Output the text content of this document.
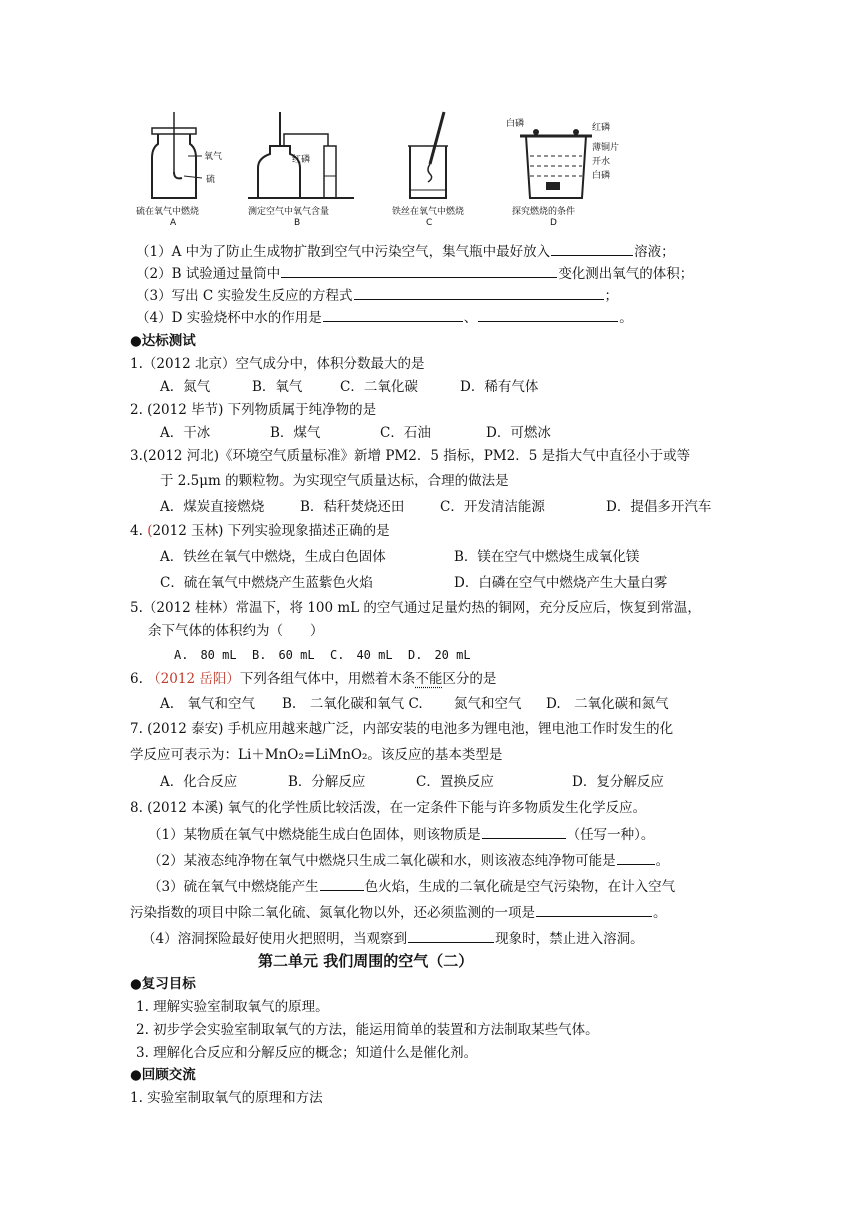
氧气
硫
硫在氧气中燃烧
A
红磷
测定空气中氧气含量
B
铁丝在氧气中燃烧
C
白磷	红磷
薄铜片
开水
白磷
探究燃烧的条件
D
（1）A 中为了防止生成物扩散到空气中污染空气，集气瓶中最好放入	溶液；
（2）B 试验通过量筒中	变化测出氧气的体积；
（3）写出 C 实验发生反应的方程式	；
（4）D 实验烧杯中水的作用是	、	。
●达标测试
1.（2012 北京）空气成分中，体积分数最大的是
A．氮气	B．氧气	C．二氧化碳	D．稀有气体
2. (2012 毕节) 下列物质属于纯净物的是
A．干冰	B．煤气	C．石油	D．可燃冰
3.(2012 河北)《环境空气质量标准》新增 PM2．5 指标，PM2．5 是指大气中直径小于或等
于 2.5μm 的颗粒物。为实现空气质量达标，合理的做法是
A．煤炭直接燃烧	B．秸秆焚烧还田	C．开发清洁能源	D．提倡多开汽车
4. (2012 玉林) 下列实验现象描述正确的是
A．铁丝在氧气中燃烧，生成白色固体	B．镁在空气中燃烧生成氧化镁
C．硫在氧气中燃烧产生蓝紫色火焰	D．白磷在空气中燃烧产生大量白雾
5.（2012 桂林）常温下，将 100 mL 的空气通过足量灼热的铜网，充分反应后，恢复到常温，
余下气体的体积约为（　　）
A.　80 mL B.　60 mL C.　40 mL D.　20 mL
6. （2012 岳阳）下列各组气体中，用燃着木条不能区分的是
A.　氧气和空气 B.　二氧化碳和氧气 C. 氮气和空气 D.　二氧化碳和氮气
7. (2012 泰安) 手机应用越来越广泛，内部安装的电池多为锂电池，锂电池工作时发生的化
学反应可表示为：Li＋MnO₂=LiMnO₂。该反应的基本类型是
A．化合反应	B．分解反应	C．置换反应	D．复分解反应
8. (2012 本溪) 氧气的化学性质比较活泼，在一定条件下能与许多物质发生化学反应。
（1）某物质在氧气中燃烧能生成白色固体，则该物质是	（任写一种）。
（2）某液态纯净物在氧气中燃烧只生成二氧化碳和水，则该液态纯净物可能是	。
（3）硫在氧气中燃烧能产生	色火焰，生成的二氧化硫是空气污染物，在计入空气
污染指数的项目中除二氧化硫、氮氧化物以外，还必须监测的一项是	。
（4）溶洞探险最好使用火把照明，当观察到	现象时，禁止进入溶洞。
第二单元 我们周围的空气（二）
●复习目标
1. 理解实验室制取氧气的原理。
2. 初步学会实验室制取氧气的方法，能运用简单的装置和方法制取某些气体。
3. 理解化合反应和分解反应的概念；知道什么是催化剂。
●回顾交流
1. 实验室制取氧气的原理和方法
